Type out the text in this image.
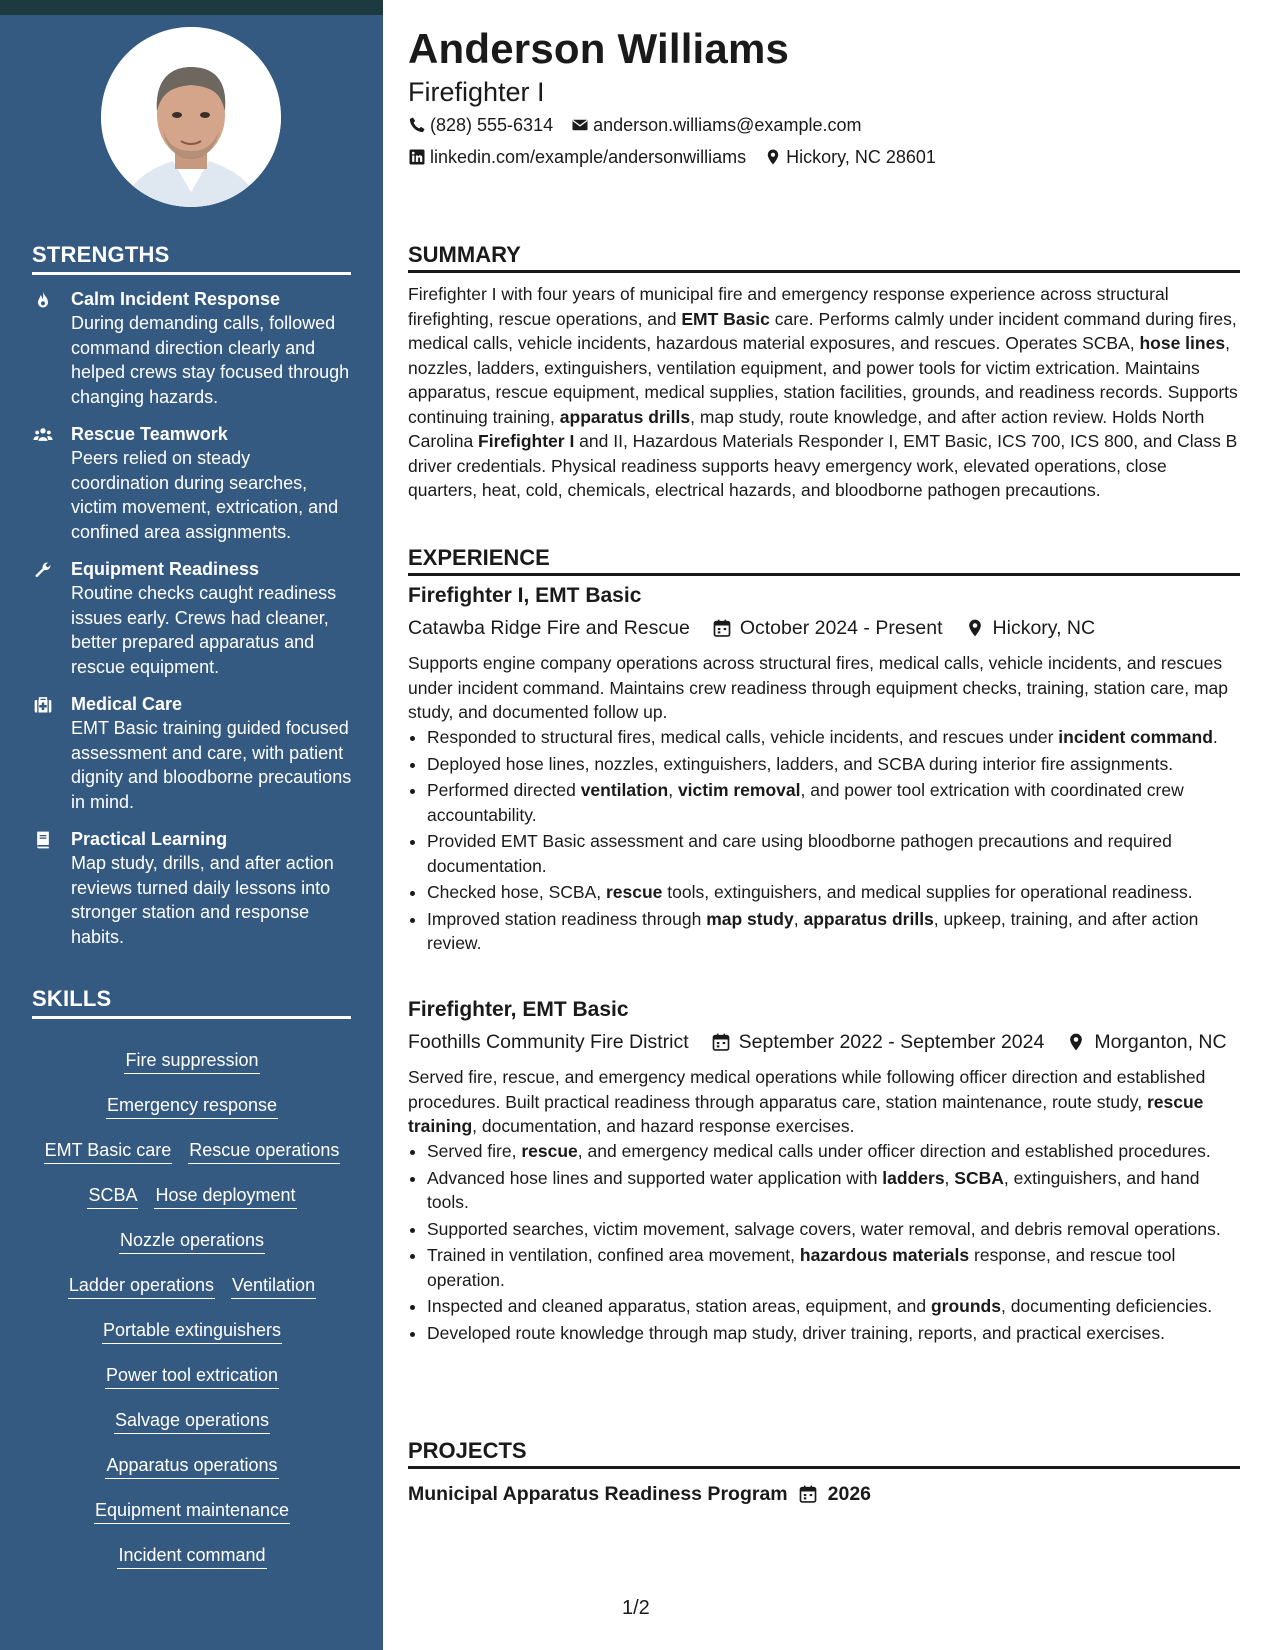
STRENGTHS
Calm Incident Response
During demanding calls, followed command direction clearly and helped crews stay focused through changing hazards.
Rescue Teamwork
Peers relied on steady coordination during searches, victim movement, extrication, and confined area assignments.
Equipment Readiness
Routine checks caught readiness issues early. Crews had cleaner, better prepared apparatus and rescue equipment.
Medical Care
EMT Basic training guided focused assessment and care, with patient dignity and bloodborne precautions in mind.
Practical Learning
Map study, drills, and after action reviews turned daily lessons into stronger station and response habits.
SKILLS
Fire suppression
Emergency response
EMT Basic care Rescue operations
SCBA Hose deployment
Nozzle operations
Ladder operations Ventilation
Portable extinguishers
Power tool extrication
Salvage operations
Apparatus operations
Equipment maintenance
Incident command
Anderson Williams
Firefighter I
(828) 555-6314 anderson.williams@example.com
linkedin.com/example/andersonwilliams Hickory, NC 28601
SUMMARY
Firefighter I with four years of municipal fire and emergency response experience across structural firefighting, rescue operations, and EMT Basic care. Performs calmly under incident command during fires, medical calls, vehicle incidents, hazardous material exposures, and rescues. Operates SCBA, hose lines, nozzles, ladders, extinguishers, ventilation equipment, and power tools for victim extrication. Maintains apparatus, rescue equipment, medical supplies, station facilities, grounds, and readiness records. Supports continuing training, apparatus drills, map study, route knowledge, and after action review. Holds North Carolina Firefighter I and II, Hazardous Materials Responder I, EMT Basic, ICS 700, ICS 800, and Class B driver credentials. Physical readiness supports heavy emergency work, elevated operations, close quarters, heat, cold, chemicals, electrical hazards, and bloodborne pathogen precautions.
EXPERIENCE
Firefighter I, EMT Basic
Catawba Ridge Fire and Rescue	October 2024 - Present	Hickory, NC
Supports engine company operations across structural fires, medical calls, vehicle incidents, and rescues under incident command. Maintains crew readiness through equipment checks, training, station care, map study, and documented follow up.
• Responded to structural fires, medical calls, vehicle incidents, and rescues under incident command.
• Deployed hose lines, nozzles, extinguishers, ladders, and SCBA during interior fire assignments.
• Performed directed ventilation, victim removal, and power tool extrication with coordinated crew accountability.
• Provided EMT Basic assessment and care using bloodborne pathogen precautions and required documentation.
• Checked hose, SCBA, rescue tools, extinguishers, and medical supplies for operational readiness.
• Improved station readiness through map study, apparatus drills, upkeep, training, and after action review.
Firefighter, EMT Basic
Foothills Community Fire District	September 2022 - September 2024	Morganton, NC
Served fire, rescue, and emergency medical operations while following officer direction and established procedures. Built practical readiness through apparatus care, station maintenance, route study, rescue training, documentation, and hazard response exercises.
• Served fire, rescue, and emergency medical calls under officer direction and established procedures.
• Advanced hose lines and supported water application with ladders, SCBA, extinguishers, and hand tools.
• Supported searches, victim movement, salvage covers, water removal, and debris removal operations.
• Trained in ventilation, confined area movement, hazardous materials response, and rescue tool operation.
• Inspected and cleaned apparatus, station areas, equipment, and grounds, documenting deficiencies.
• Developed route knowledge through map study, driver training, reports, and practical exercises.
PROJECTS
Municipal Apparatus Readiness Program 2026
1/2
